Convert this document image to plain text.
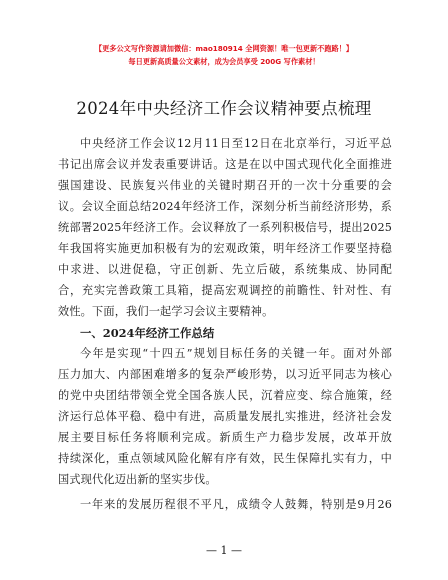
【更多公文写作资源请加微信：mao180914 全网资源！唯一包更新不跑路！】
每日更新高质量公文素材，成为会员享受 200G 写作素材！
2024年中央经济工作会议精神要点梳理
中央经济工作会议12月11日至12日在北京举行，习近平总
书记出席会议并发表重要讲话。这是在以中国式现代化全面推进
强国建设、民族复兴伟业的关键时期召开的一次十分重要的会
议。会议全面总结2024年经济工作，深刻分析当前经济形势，系
统部署2025年经济工作。会议释放了一系列积极信号，提出2025
年我国将实施更加积极有为的宏观政策，明年经济工作要坚持稳
中求进、以进促稳，守正创新、先立后破，系统集成、协同配
合，充实完善政策工具箱，提高宏观调控的前瞻性、针对性、有
效性。下面，我们一起学习会议主要精神。
一、2024年经济工作总结
今年是实现“十四五”规划目标任务的关键一年。面对外部
压力加大、内部困难增多的复杂严峻形势，以习近平同志为核心
的党中央团结带领全党全国各族人民，沉着应变、综合施策，经
济运行总体平稳、稳中有进，高质量发展扎实推进，经济社会发
展主要目标任务将顺利完成。新质生产力稳步发展，改革开放
持续深化，重点领域风险化解有序有效，民生保障扎实有力，中
国式现代化迈出新的坚实步伐。
一年来的发展历程很不平凡，成绩令人鼓舞，特别是9月26
— 1 —
